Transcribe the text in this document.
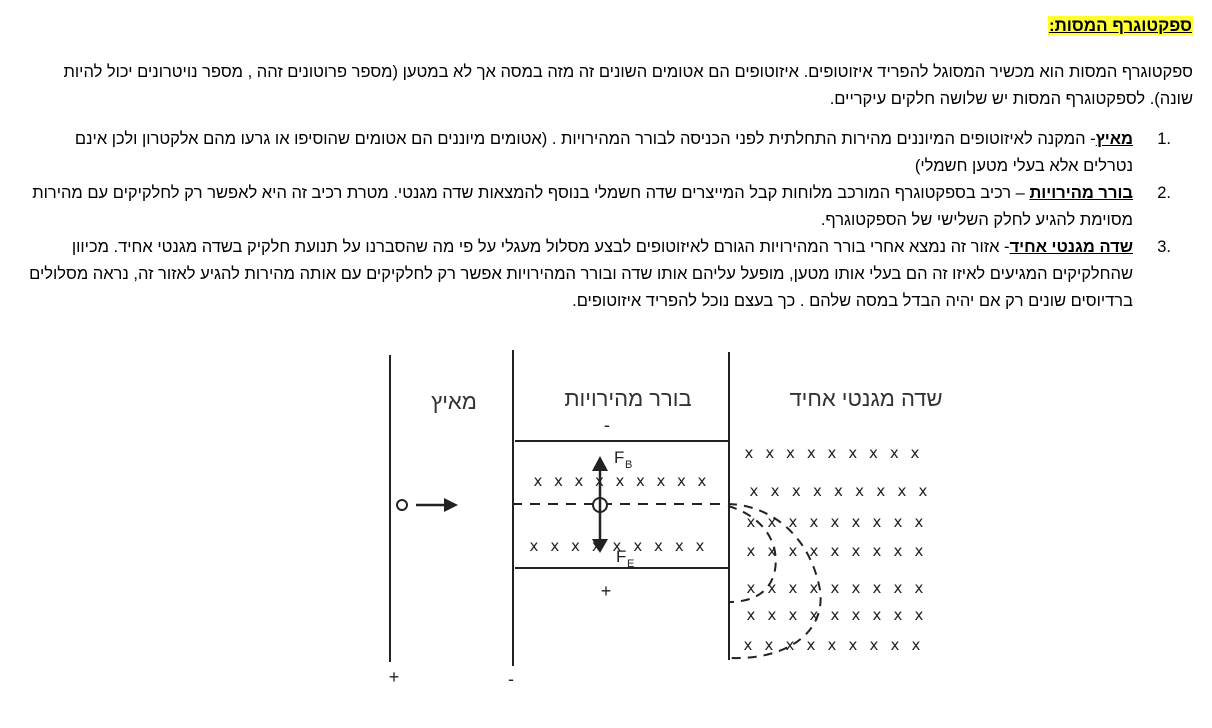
ספקטוגרף המסות:
ספקטוגרף המסות הוא מכשיר המסוגל להפריד איזוטופים. איזוטופים הם אטומים השונים זה מזה במסה אך לא במטען (מספר פרוטונים זהה , מספר נויטרונים יכול להיות שונה). לספקטוגרף המסות יש שלושה חלקים עיקריים.
1.
מאיץ- המקנה לאיזוטופים המיוננים מהירות התחלתית לפני הכניסה לבורר המהירויות . (אטומים מיוננים הם אטומים שהוסיפו או גרעו מהם אלקטרון ולכן אינם נטרלים אלא בעלי מטען חשמלי)
2.
בורר מהירויות – רכיב בספקטוגרף המורכב מלוחות קבל המייצרים שדה חשמלי בנוסף להמצאות שדה מגנטי. מטרת רכיב זה היא לאפשר רק לחלקיקים עם מהירות מסוימת להגיע לחלק השלישי של הספקטוגרף.
3.
שדה מגנטי אחיד- אזור זה נמצא אחרי בורר המהירויות הגורם לאיזוטופים לבצע מסלול מעגלי על פי מה שהסברנו על תנועת חלקיק בשדה מגנטי אחיד. מכיוון שהחלקיקים המגיעים לאיזו זה הם בעלי אותו מטען, מופעל עליהם אותו שדה ובורר המהירויות אפשר רק לחלקיקים עם אותה מהירות להגיע לאזור זה, נראה מסלולים ברדיוסים שונים רק אם יהיה הבדל במסה שלהם . כך בעצם נוכל להפריד איזוטופים.
מאיץ	בורר מהירויות	שדה מגנטי אחיד
-
+
+	-
F B
F E
x x x x x x x x x
x x x x x x x x x
x x x x x x x x x
x x x x x x x x x
x x x x x x x x x
x x x x x x x x x
x x x x x x x x x
x x x x x x x x x
x x x x x x x x x
